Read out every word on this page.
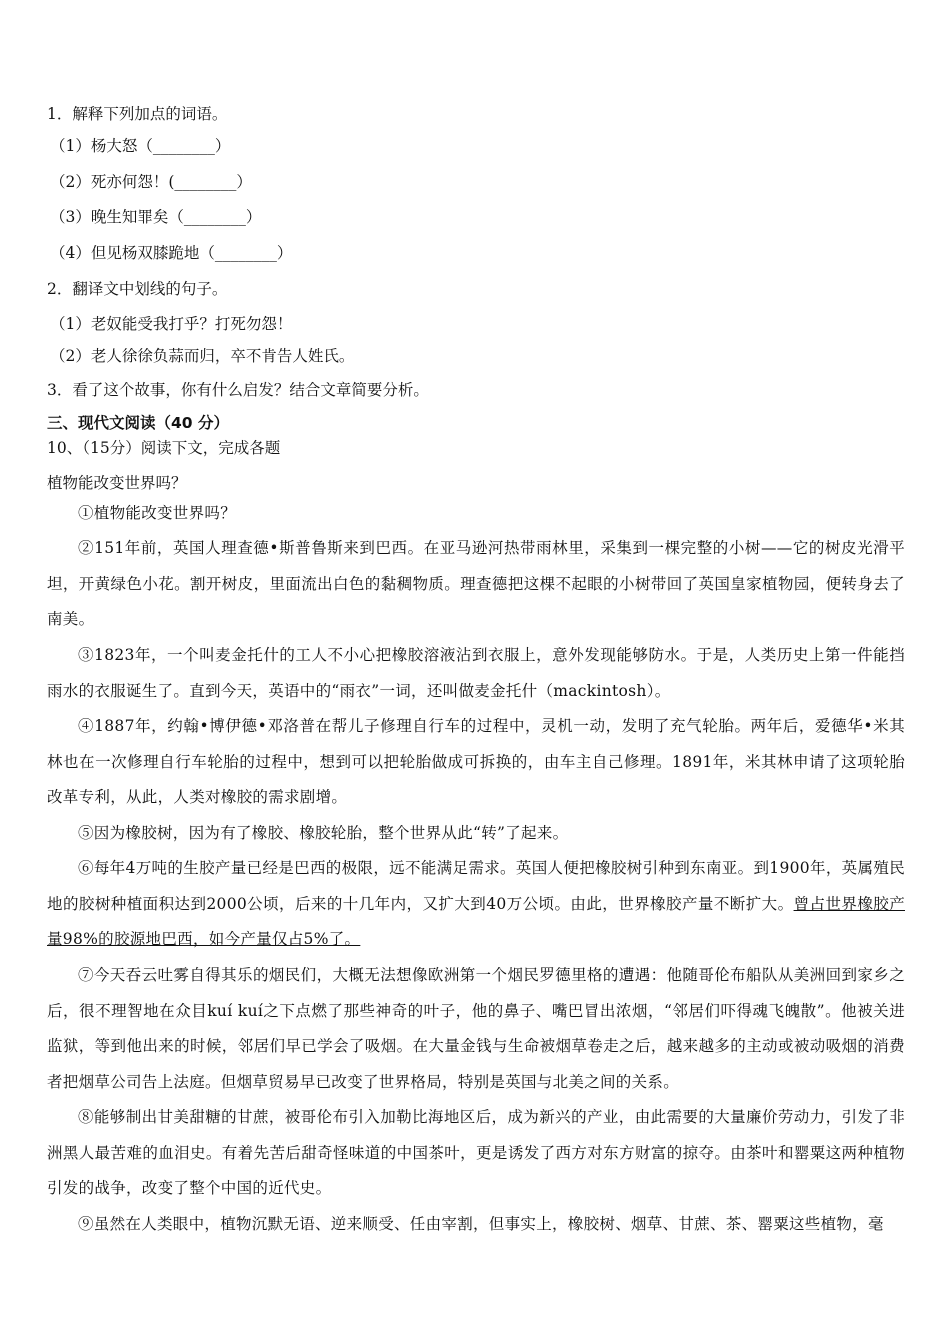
1．解释下列加点的词语。
（1）杨大怒（________）
（2）死亦何怨！(________）
（3）晚生知罪矣（________）
（4）但见杨双膝跪地（________）
2．翻译文中划线的句子。
（1）老奴能受我打乎？打死勿怨！
（2）老人徐徐负蒜而归，卒不肯告人姓氏。
3．看了这个故事，你有什么启发？结合文章简要分析。
三、现代文阅读（40 分）
10、（15分）阅读下文，完成各题
植物能改变世界吗？

①植物能改变世界吗？

②151年前，英国人理查德•斯普鲁斯来到巴西。在亚马逊河热带雨林里，采集到一棵完整的小树——它的树皮光滑平坦，开黄绿色小花。割开树皮，里面流出白色的黏稠物质。理查德把这棵不起眼的小树带回了英国皇家植物园，便转身去了南美。

③1823年，一个叫麦金托什的工人不小心把橡胶溶液沾到衣服上，意外发现能够防水。于是，人类历史上第一件能挡雨水的衣服诞生了。直到今天，英语中的“雨衣”一词，还叫做麦金托什（mackintosh）。

④1887年，约翰•博伊德•邓洛普在帮儿子修理自行车的过程中，灵机一动，发明了充气轮胎。两年后，爱德华•米其林也在一次修理自行车轮胎的过程中，想到可以把轮胎做成可拆换的，由车主自己修理。1891年，米其林申请了这项轮胎改革专利，从此，人类对橡胶的需求剧增。

⑤因为橡胶树，因为有了橡胶、橡胶轮胎，整个世界从此“转”了起来。

⑥每年4万吨的生胶产量已经是巴西的极限，远不能满足需求。英国人便把橡胶树引种到东南亚。到1900年，英属殖民地的胶树种植面积达到2000公顷，后来的十几年内，又扩大到40万公顷。由此，世界橡胶产量不断扩大。曾占世界橡胶产量98%的胶源地巴西，如今产量仅占5%了。

⑦今天吞云吐雾自得其乐的烟民们，大概无法想像欧洲第一个烟民罗德里格的遭遇：他随哥伦布船队从美洲回到家乡之后，很不理智地在众目kuí kuí之下点燃了那些神奇的叶子，他的鼻子、嘴巴冒出浓烟，“邻居们吓得魂飞魄散”。他被关进监狱，等到他出来的时候，邻居们早已学会了吸烟。在大量金钱与生命被烟草卷走之后，越来越多的主动或被动吸烟的消费者把烟草公司告上法庭。但烟草贸易早已改变了世界格局，特别是英国与北美之间的关系。

⑧能够制出甘美甜糖的甘蔗，被哥伦布引入加勒比海地区后，成为新兴的产业，由此需要的大量廉价劳动力，引发了非洲黑人最苦难的血泪史。有着先苦后甜奇怪味道的中国茶叶，更是诱发了西方对东方财富的掠夺。由茶叶和罂粟这两种植物引发的战争，改变了整个中国的近代史。

⑨虽然在人类眼中，植物沉默无语、逆来顺受、任由宰割，但事实上，橡胶树、烟草、甘蔗、茶、罂粟这些植物，毫
